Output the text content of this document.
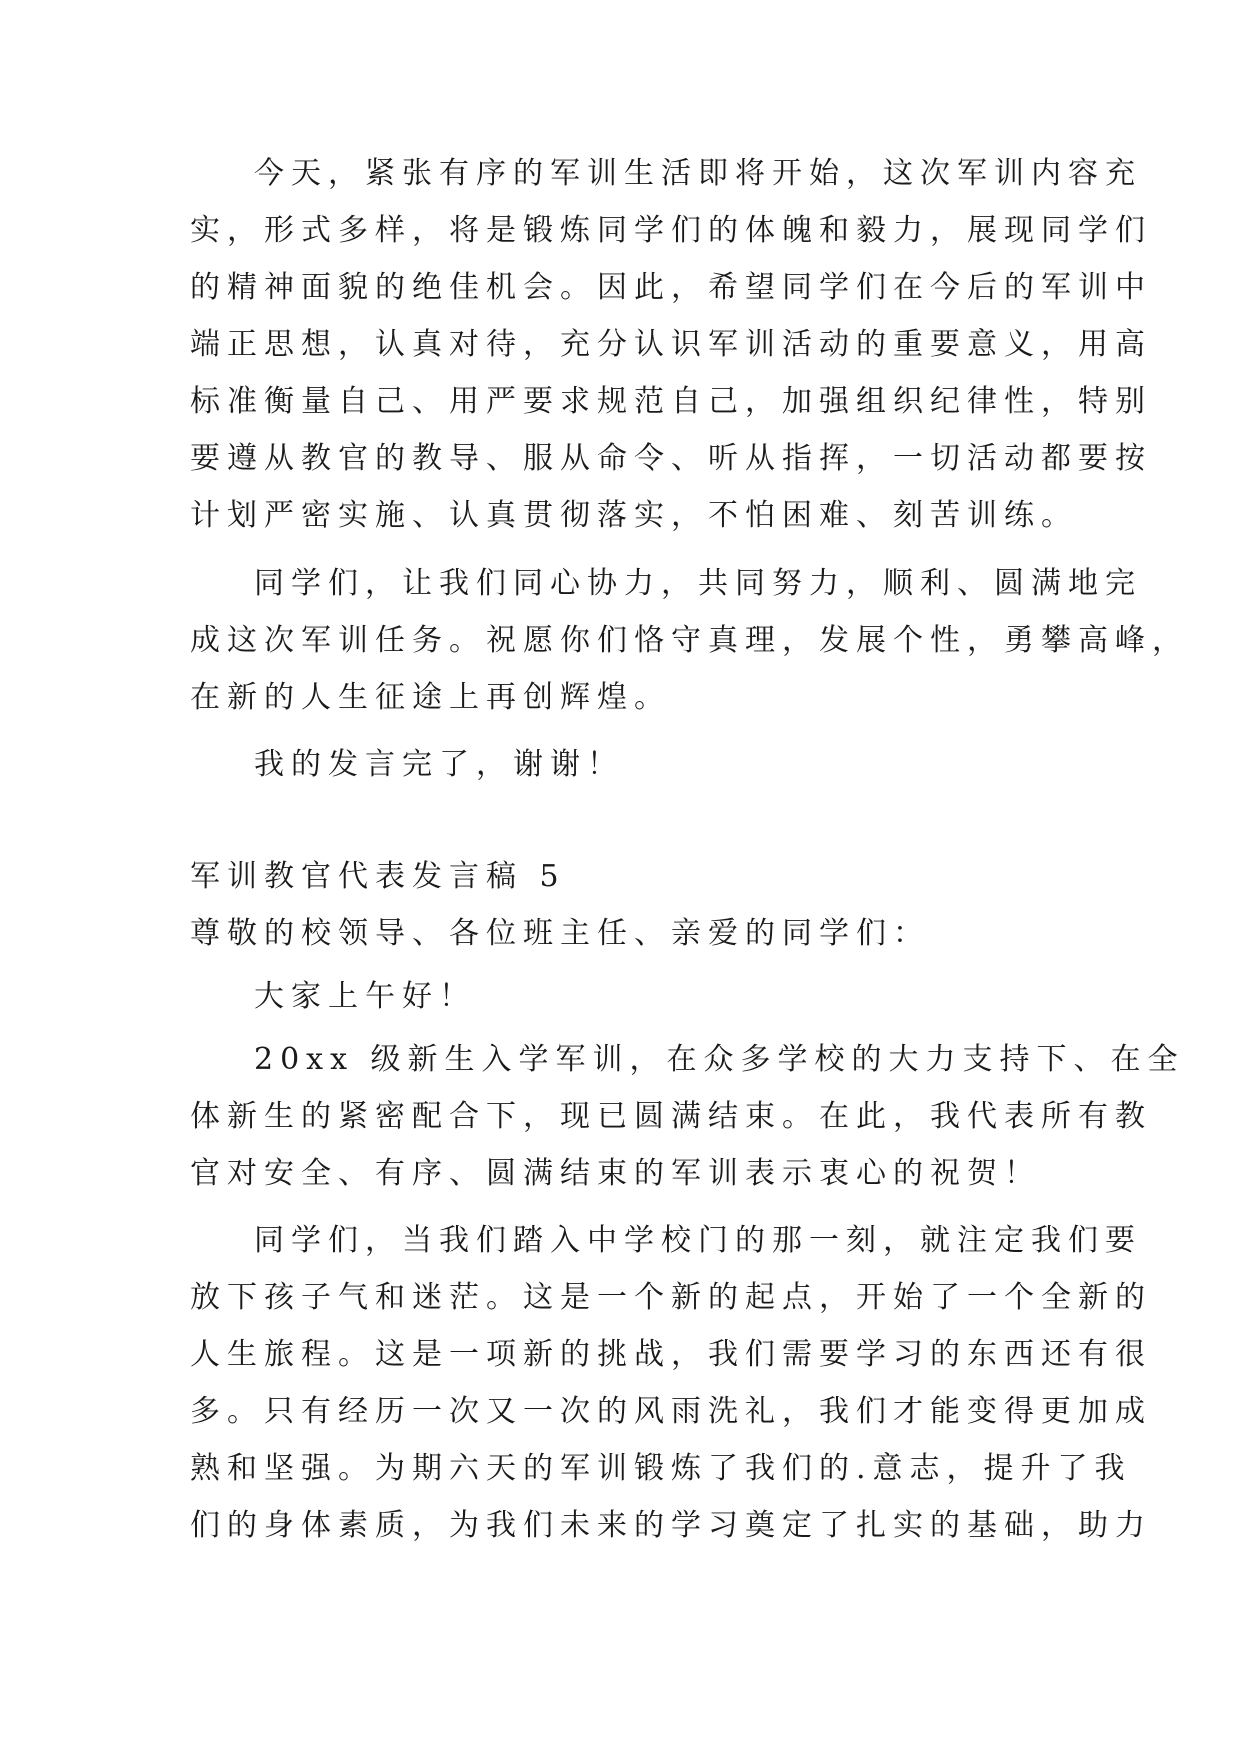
今天，紧张有序的军训生活即将开始，这次军训内容充

实，形式多样，将是锻炼同学们的体魄和毅力，展现同学们

的精神面貌的绝佳机会。因此，希望同学们在今后的军训中

端正思想，认真对待，充分认识军训活动的重要意义，用高

标准衡量自己、用严要求规范自己，加强组织纪律性，特别

要遵从教官的教导、服从命令、听从指挥，一切活动都要按

计划严密实施、认真贯彻落实，不怕困难、刻苦训练。

同学们，让我们同心协力，共同努力，顺利、圆满地完

成这次军训任务。祝愿你们恪守真理，发展个性，勇攀高峰，

在新的人生征途上再创辉煌。

我的发言完了，谢谢！

军训教官代表发言稿 5

尊敬的校领导、各位班主任、亲爱的同学们：

大家上午好！

20xx 级新生入学军训，在众多学校的大力支持下、在全

体新生的紧密配合下，现已圆满结束。在此，我代表所有教

官对安全、有序、圆满结束的军训表示衷心的祝贺！

同学们，当我们踏入中学校门的那一刻，就注定我们要

放下孩子气和迷茫。这是一个新的起点，开始了一个全新的

人生旅程。这是一项新的挑战，我们需要学习的东西还有很

多。只有经历一次又一次的风雨洗礼，我们才能变得更加成

熟和坚强。为期六天的军训锻炼了我们的.意志，提升了我

们的身体素质，为我们未来的学习奠定了扎实的基础，助力
